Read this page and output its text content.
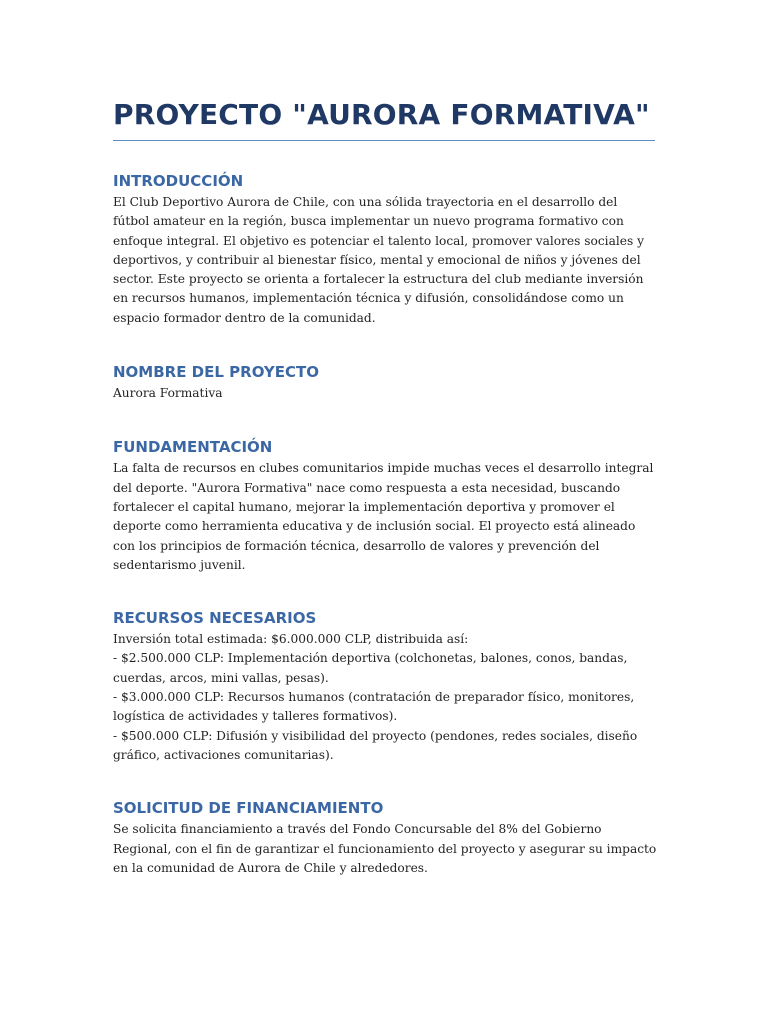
PROYECTO "AURORA FORMATIVA"
INTRODUCCIÓN

El Club Deportivo Aurora de Chile, con una sólida trayectoria en el desarrollo del fútbol amateur en la región, busca implementar un nuevo programa formativo con enfoque integral. El objetivo es potenciar el talento local, promover valores sociales y deportivos, y contribuir al bienestar físico, mental y emocional de niños y jóvenes del sector. Este proyecto se orienta a fortalecer la estructura del club mediante inversión en recursos humanos, implementación técnica y difusión, consolidándose como un espacio formador dentro de la comunidad.

NOMBRE DEL PROYECTO

Aurora Formativa

FUNDAMENTACIÓN

La falta de recursos en clubes comunitarios impide muchas veces el desarrollo integral del deporte. "Aurora Formativa" nace como respuesta a esta necesidad, buscando fortalecer el capital humano, mejorar la implementación deportiva y promover el deporte como herramienta educativa y de inclusión social. El proyecto está alineado con los principios de formación técnica, desarrollo de valores y prevención del sedentarismo juvenil.

RECURSOS NECESARIOS

Inversión total estimada: $6.000.000 CLP, distribuida así:

- $2.500.000 CLP: Implementación deportiva (colchonetas, balones, conos, bandas, cuerdas, arcos, mini vallas, pesas).
- $3.000.000 CLP: Recursos humanos (contratación de preparador físico, monitores, logística de actividades y talleres formativos).
- $500.000 CLP: Difusión y visibilidad del proyecto (pendones, redes sociales, diseño gráfico, activaciones comunitarias).
SOLICITUD DE FINANCIAMIENTO

Se solicita financiamiento a través del Fondo Concursable del 8% del Gobierno Regional, con el fin de garantizar el funcionamiento del proyecto y asegurar su impacto en la comunidad de Aurora de Chile y alrededores.
